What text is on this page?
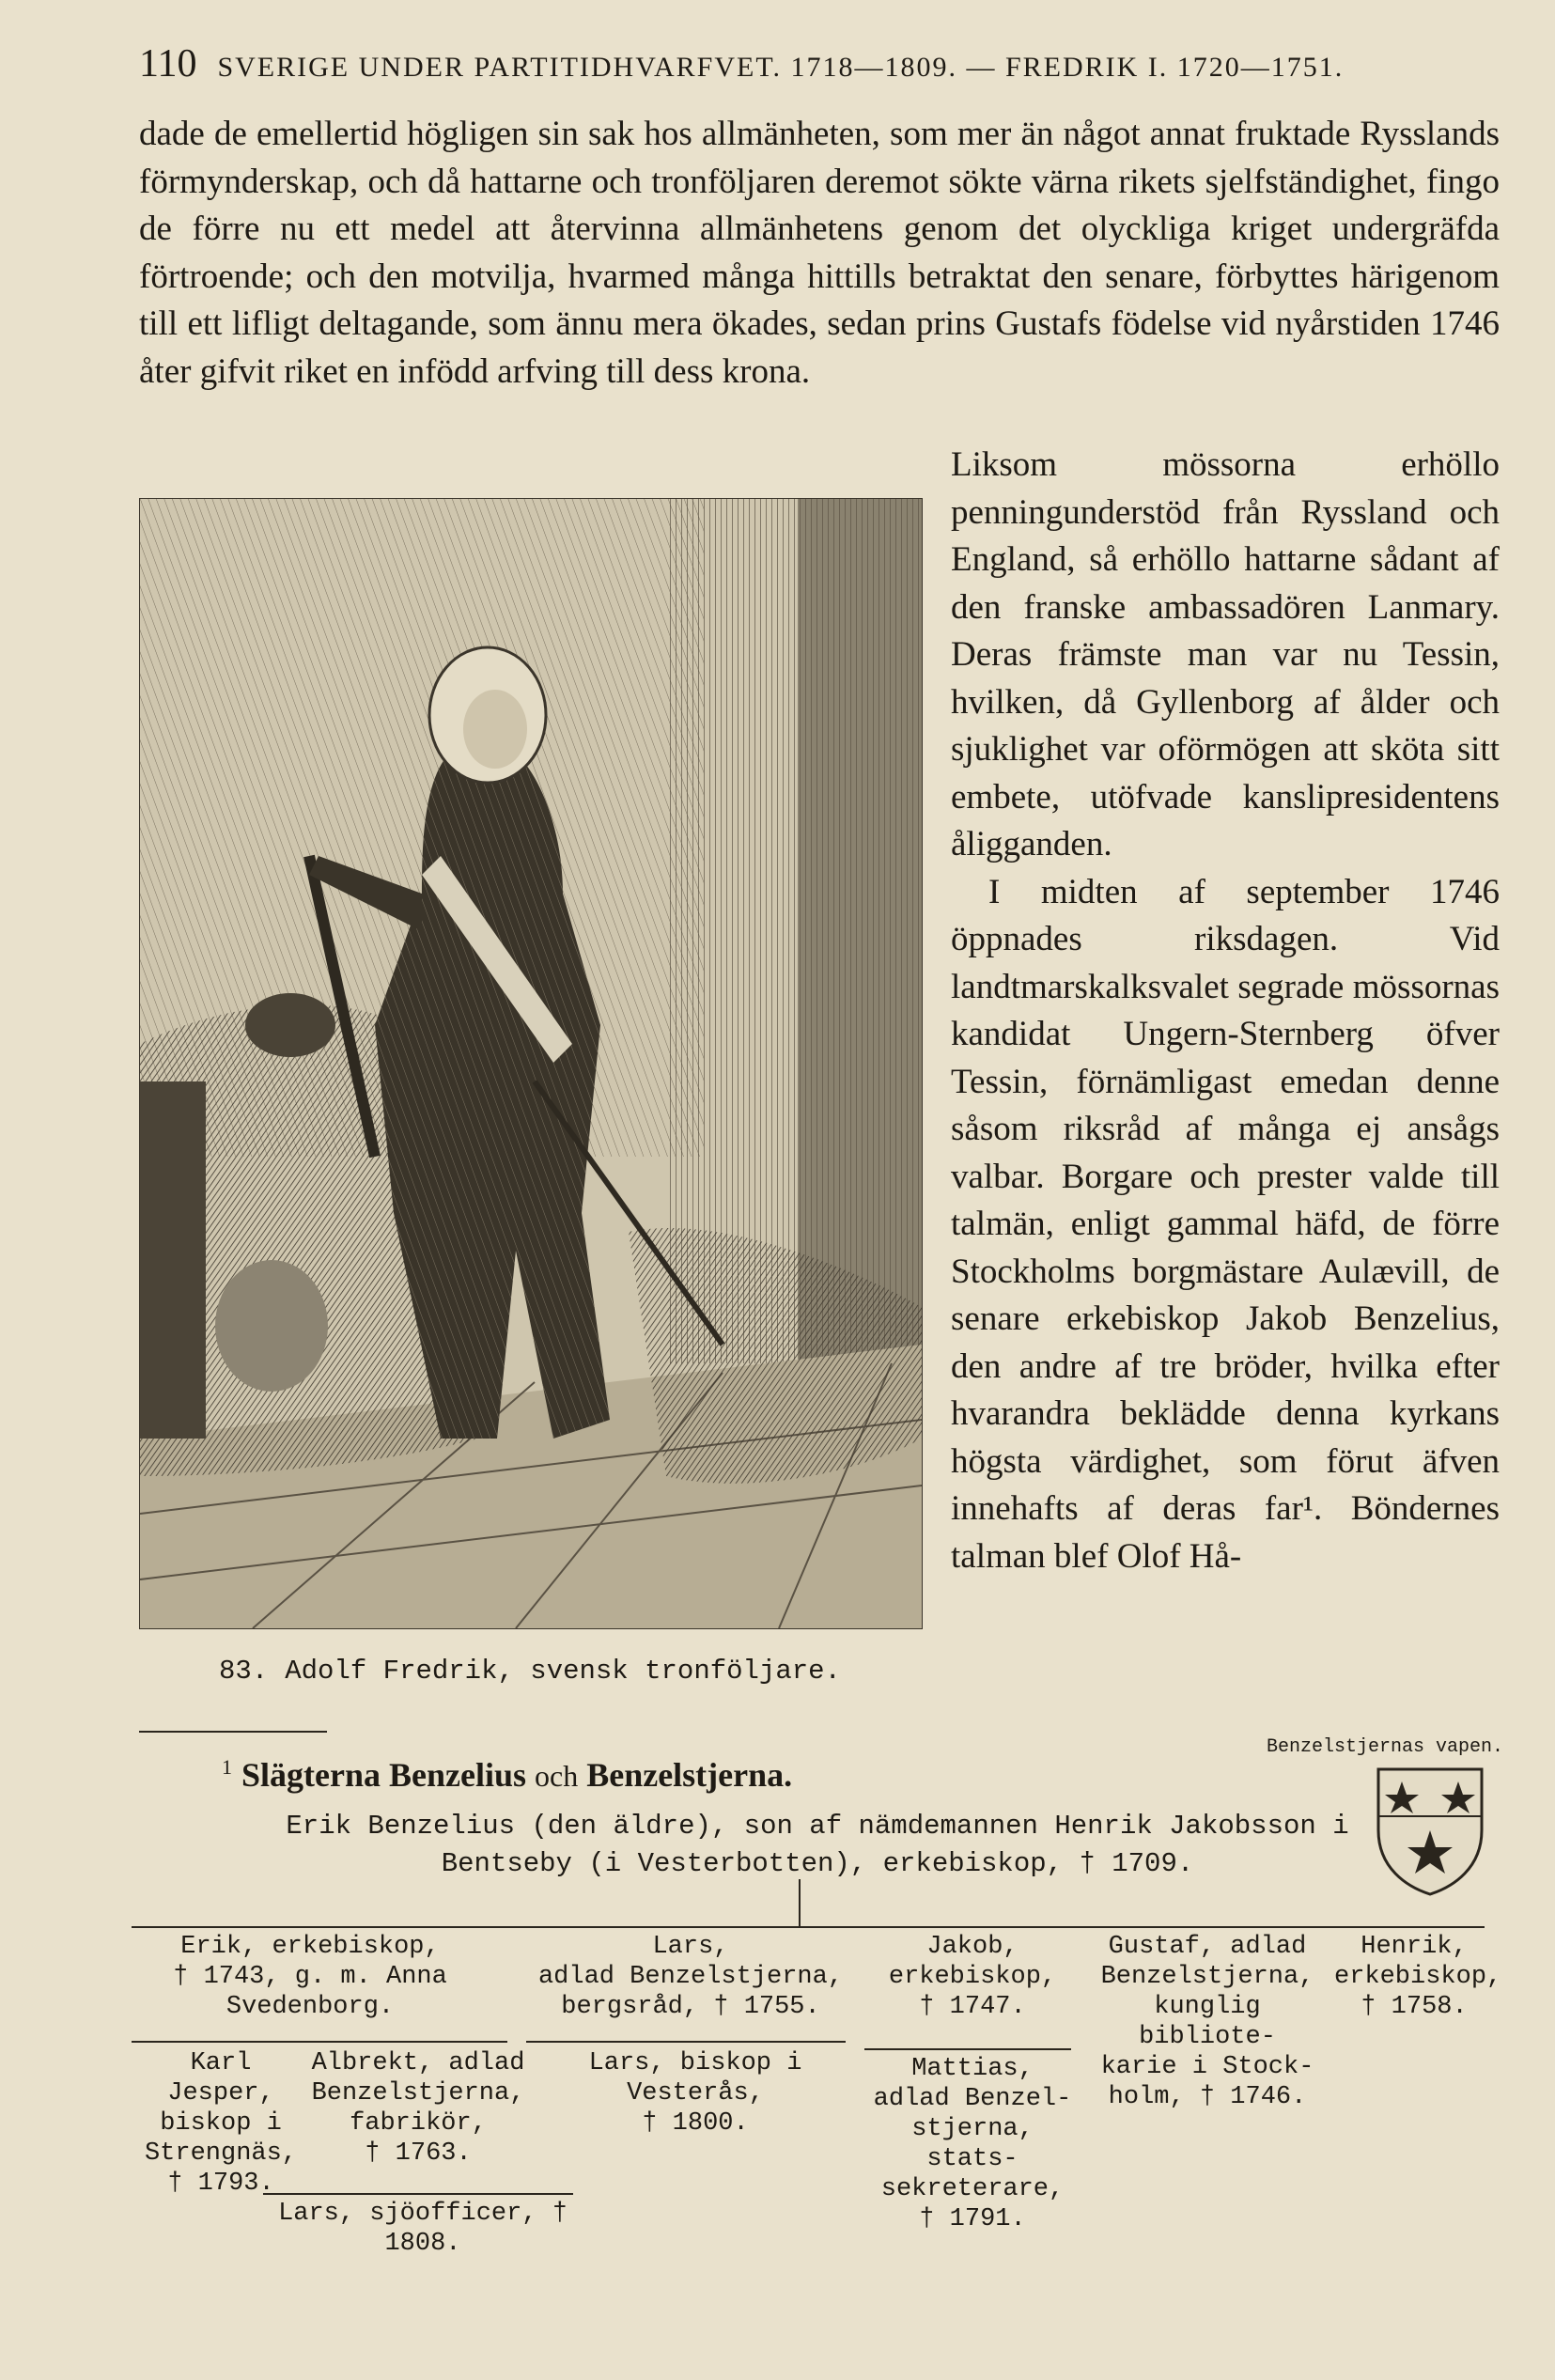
110 SVERIGE UNDER PARTITIDHVARFVET. 1718—1809. — FREDRIK I. 1720—1751.

dade de emellertid högligen sin sak hos allmänheten, som mer än något annat fruktade Rysslands förmynderskap, och då hattarne och tronföljaren deremot sökte värna rikets sjelfständighet, fingo de förre nu ett medel att återvinna allmänhetens genom det olyckliga kriget undergräfda förtroende; och den motvilja, hvarmed många hittills betraktat den senare, förbyttes härigenom till ett lifligt deltagande, som ännu mera ökades, sedan prins Gustafs födelse vid nyårstiden 1746 åter gifvit riket en infödd arfving till dess krona.

Liksom mössorna erhöllo penningunderstöd från Ryssland och England, så erhöllo hattarne sådant af den franske ambassadören Lanmary. Deras främste man var nu Tessin, hvilken, då Gyllenborg af ålder och sjuklighet var oförmögen att sköta sitt embete, utöfvade kanslipresidentens åligganden.

I midten af september 1746 öppnades riksdagen. Vid landtmarskalksvalet segrade mössornas kandidat Ungern-Sternberg öfver Tessin, förnämligast emedan denne såsom riksråd af många ej ansågs valbar. Borgare och prester valde till talmän, enligt gammal häfd, de förre Stockholms borgmästare Aulævill, de senare erkebiskop Jakob Benzelius, den andre af tre bröder, hvilka efter hvarandra beklädde denna kyrkans högsta värdighet, som förut äfven innehafts af deras far¹. Böndernes talman blef Olof Hå-

83. Adolf Fredrik, svensk tronföljare.
Benzelstjernas vapen.
$^1$ Slägterna Benzelius och Benzelstjerna.
Erik Benzelius (den äldre), son af nämdemannen Henrik Jakobsson i Bentseby (i Vesterbotten), erkebiskop, † 1709.
Erik, erkebiskop,
† 1743, g. m. Anna
Svedenborg.
Lars,
adlad Benzelstjerna,
bergsråd, † 1755.
Jakob,
erkebiskop,
† 1747.
Gustaf, adlad
Benzelstjerna,
kunglig bibliote-
karie i Stock-
holm, † 1746.
Henrik,
erkebiskop,
† 1758.
Karl Jesper,
biskop i
Strengnäs,
† 1793.
Albrekt, adlad
Benzelstjerna,
fabrikör,
† 1763.
Lars, biskop i Vesterås,
† 1800.
Mattias,
adlad Benzel-
stjerna, stats-
sekreterare,
† 1791.
Lars, sjöofficer, † 1808.
